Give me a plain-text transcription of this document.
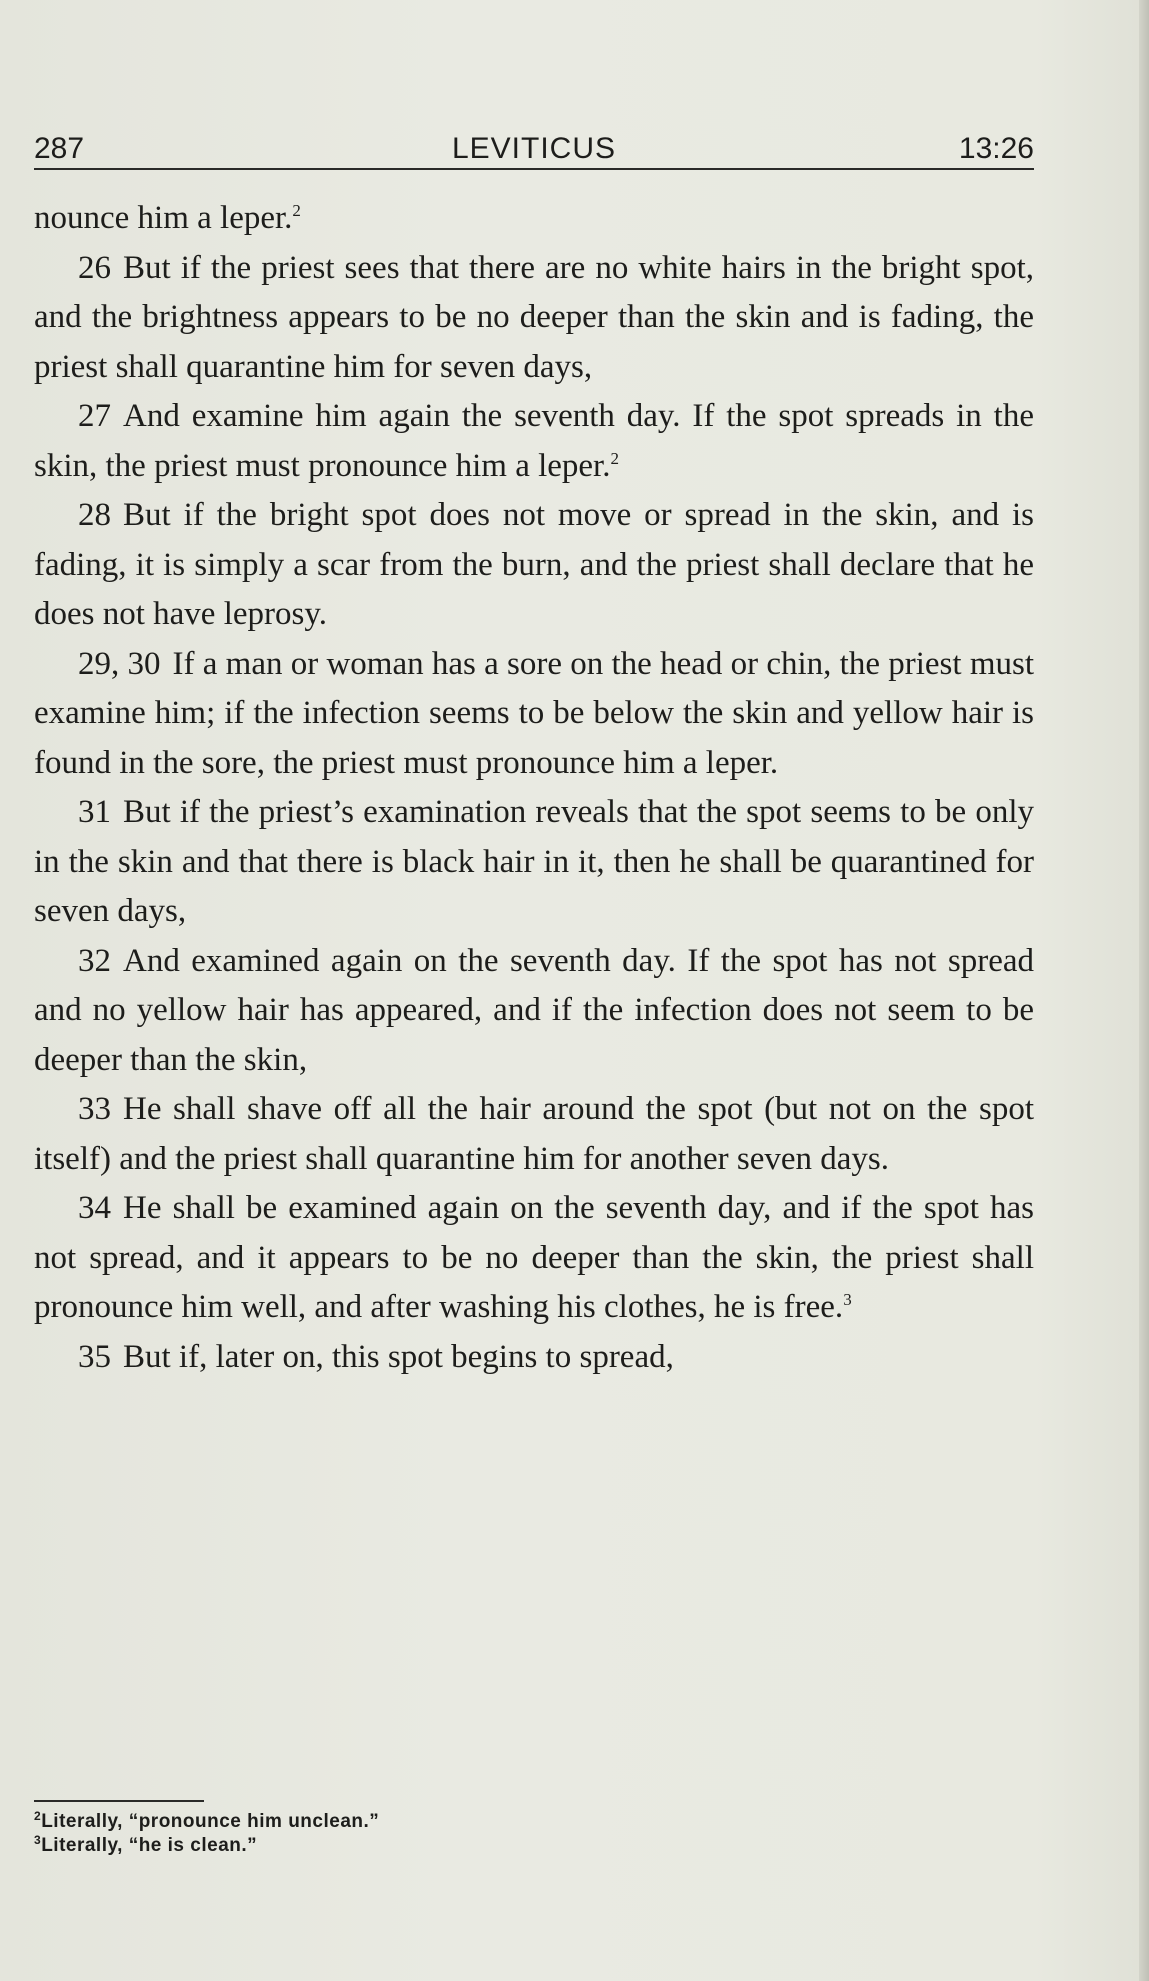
287	LEVITICUS	13:26

nounce him a leper.$^2$

26 But if the priest sees that there are no white hairs in the bright spot, and the brightness appears to be no deeper than the skin and is fading, the priest shall quarantine him for seven days,

27 And examine him again the seventh day. If the spot spreads in the skin, the priest must pronounce him a leper.$^2$

28 But if the bright spot does not move or spread in the skin, and is fading, it is simply a scar from the burn, and the priest shall declare that he does not have leprosy.

29, 30 If a man or woman has a sore on the head or chin, the priest must examine him; if the infection seems to be below the skin and yellow hair is found in the sore, the priest must pronounce him a leper.

31 But if the priest’s examination reveals that the spot seems to be only in the skin and that there is black hair in it, then he shall be quarantined for seven days,

32 And examined again on the seventh day. If the spot has not spread and no yellow hair has appeared, and if the infection does not seem to be deeper than the skin,

33 He shall shave off all the hair around the spot (but not on the spot itself) and the priest shall quarantine him for another seven days.

34 He shall be examined again on the seventh day, and if the spot has not spread, and it appears to be no deeper than the skin, the priest shall pronounce him well, and after washing his clothes, he is free.$^3$

35 But if, later on, this spot begins to spread,

$^2$Literally, “pronounce him unclean.”
$^3$Literally, “he is clean.”
